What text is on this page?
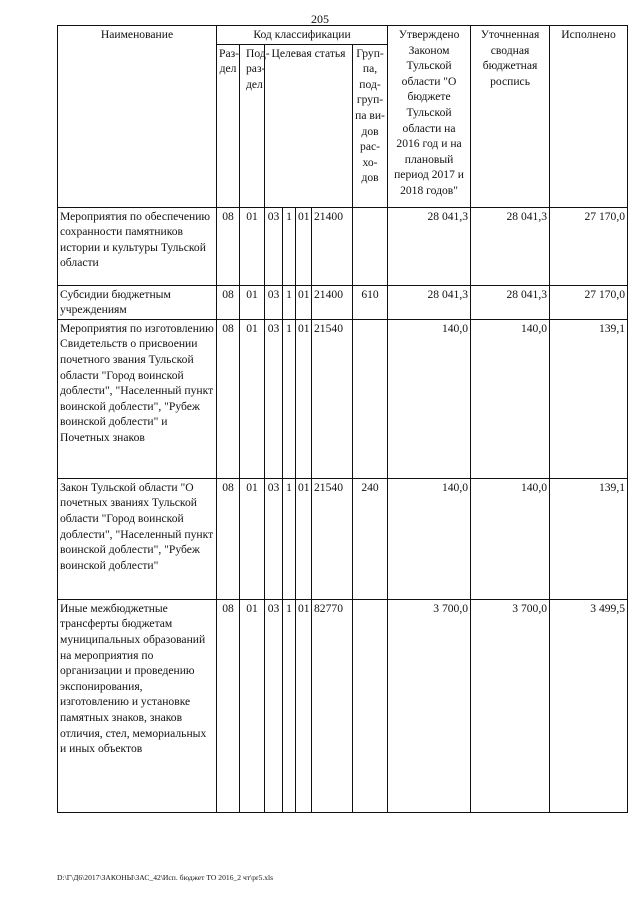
205
Наименование	Код классификации							Утверждено Законом Тульской области "О бюджете Тульской области на 2016 год и на плановый период 2017 и 2018 годов"	Уточненная сводная бюджетная роспись	Исполнено
	Раз-дел	Под-раз-дел	Целевая статья				Груп-па, под-груп-па ви-дов рас-хо-дов			
Мероприятия по обеспечению сохранности памятников истории и культуры Тульской области	08	01	03	1	01	21400		28 041,3	28 041,3	27 170,0
Субсидии бюджетным учреждениям	08	01	03	1	01	21400	610	28 041,3	28 041,3	27 170,0
Мероприятия по изготовлению Свидетельств о присвоении почетного звания Тульской области "Город воинской доблести", "Населенный пункт воинской доблести", "Рубеж воинской доблести" и Почетных знаков	08	01	03	1	01	21540		140,0	140,0	139,1
Закон Тульской области "О почетных званиях Тульской области "Город воинской доблести", "Населенный пункт воинской доблести", "Рубеж воинской доблести"	08	01	03	1	01	21540	240	140,0	140,0	139,1
Иные межбюджетные трансферты бюджетам муниципальных образований на мероприятия по организации и проведению экспонирования, изготовлению и установке памятных знаков, знаков отличия, стел, мемориальных и иных объектов	08	01	03	1	01	82770		3 700,0	3 700,0	3 499,5
D:\Г\Д6\2017\ЗАКОНЫ\ЗАС_42\Исп. бюджет ТО 2016_2 чт\pr5.xls
